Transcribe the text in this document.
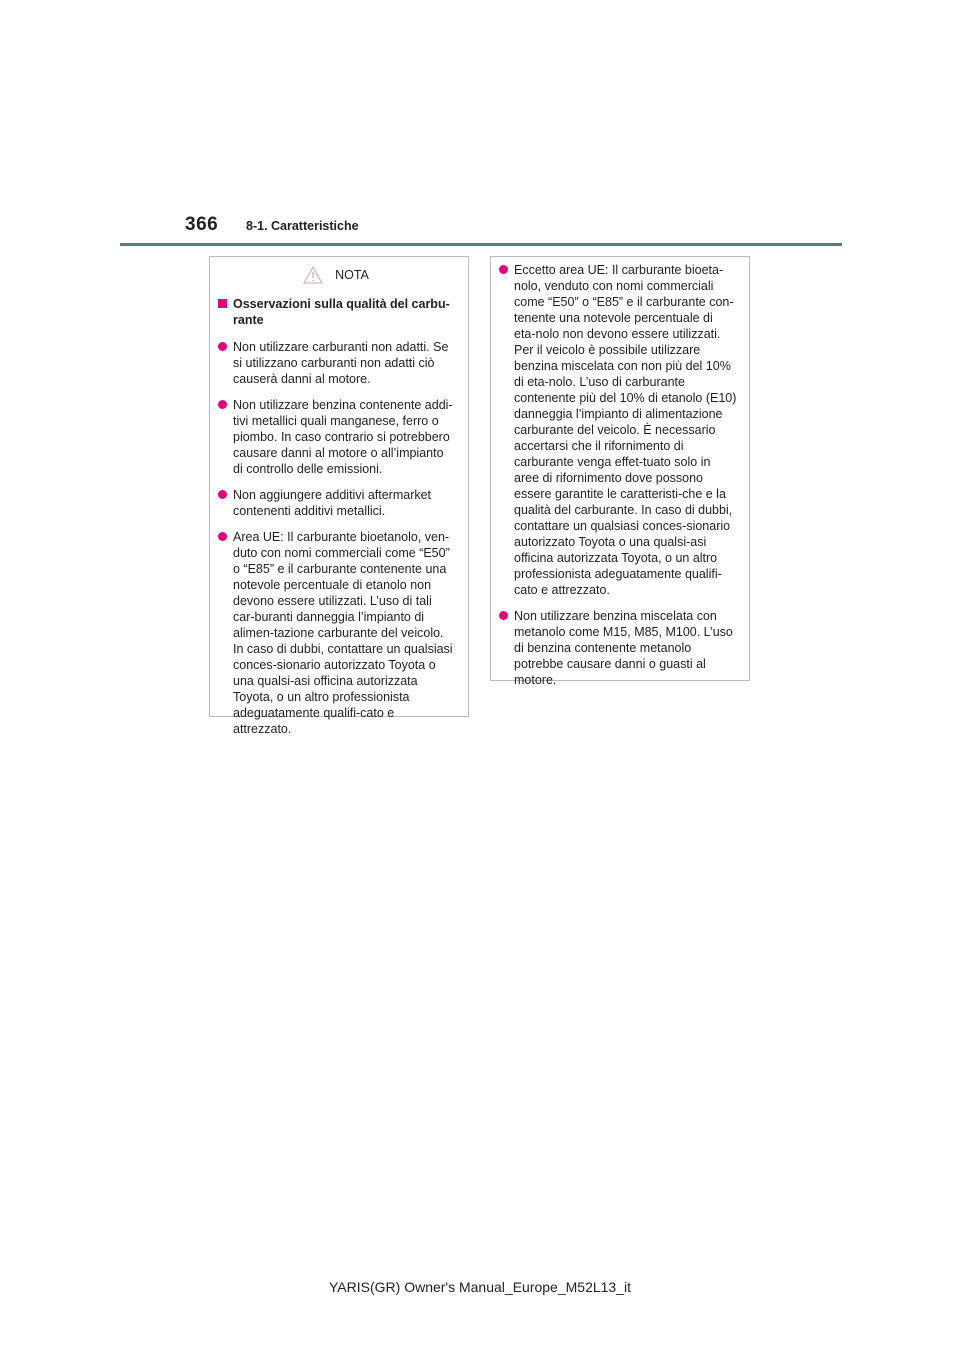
366 8-1. Caratteristiche
NOTA
Osservazioni sulla qualità del carbu-rante
Non utilizzare carburanti non adatti. Se si utilizzano carburanti non adatti ciò causerà danni al motore.
Non utilizzare benzina contenente addi-tivi metallici quali manganese, ferro o piombo. In caso contrario si potrebbero causare danni al motore o all’impianto di controllo delle emissioni.
Non aggiungere additivi aftermarket contenenti additivi metallici.
Area UE: Il carburante bioetanolo, ven-duto con nomi commerciali come “E50” o “E85” e il carburante contenente una notevole percentuale di etanolo non devono essere utilizzati. L’uso di tali car-buranti danneggia l’impianto di alimen-tazione carburante del veicolo. In caso di dubbi, contattare un qualsiasi conces-sionario autorizzato Toyota o una qualsi-asi officina autorizzata Toyota, o un altro professionista adeguatamente qualifi-cato e attrezzato.
Eccetto area UE: Il carburante bioeta-nolo, venduto con nomi commerciali come “E50” o “E85” e il carburante con-tenente una notevole percentuale di eta-nolo non devono essere utilizzati. Per il veicolo è possibile utilizzare benzina miscelata con non più del 10% di eta-nolo. L’uso di carburante contenente più del 10% di etanolo (E10) danneggia l’impianto di alimentazione carburante del veicolo. È necessario accertarsi che il rifornimento di carburante venga effet-tuato solo in aree di rifornimento dove possono essere garantite le caratteristi-che e la qualità del carburante. In caso di dubbi, contattare un qualsiasi conces-sionario autorizzato Toyota o una qualsi-asi officina autorizzata Toyota, o un altro professionista adeguatamente qualifi-cato e attrezzato.
Non utilizzare benzina miscelata con metanolo come M15, M85, M100. L’uso di benzina contenente metanolo potrebbe causare danni o guasti al motore.
YARIS(GR) Owner's Manual_Europe_M52L13_it
